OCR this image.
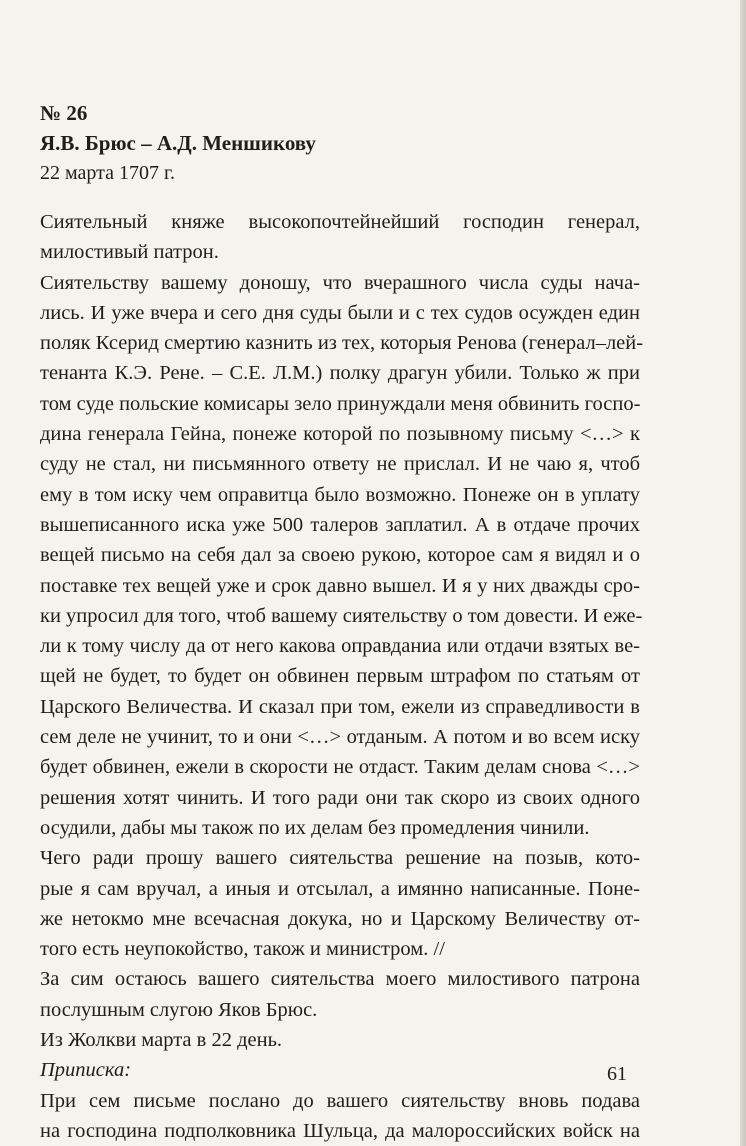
№ 26
Я.В. Брюс – А.Д. Меншикову
22 марта 1707 г.
Сиятельный княже высокопочтейнейший господин генерал,
милостивый патрон.
Сиятельству вашему доношу, что вчерашного числа суды нача-
лись. И уже вчера и сего дня суды были и с тех судов осужден един
поляк Ксерид смертию казнить из тех, которыя Ренова (генерал–лей-
тенанта К.Э. Рене. – С.Е. Л.М.) полку драгун убили. Только ж при
том суде польские комисары зело принуждали меня обвинить госпо-
дина генерала Гейна, понеже которой по позывному письму <…> к
суду не стал, ни письмянного ответу не прислал. И не чаю я, чтоб
ему в том иску чем оправитца было возможно. Понеже он в уплату
вышеписанного иска уже 500 талеров заплатил. А в отдаче прочих
вещей письмо на себя дал за своею рукою, которое сам я видял и о
поставке тех вещей уже и срок давно вышел. И я у них дважды сро-
ки упросил для того, чтоб вашему сиятельству о том довести. И еже-
ли к тому числу да от него какова оправданиа или отдачи взятых ве-
щей не будет, то будет он обвинен первым штрафом по статьям от
Царского Величества. И сказал при том, ежели из справедливости в
сем деле не учинит, то и они <…> отданым. А потом и во всем иску
будет обвинен, ежели в скорости не отдаст. Таким делам снова <…>
решения хотят чинить. И того ради они так скоро из своих одного
осудили, дабы мы також по их делам без промедления чинили.
Чего ради прошу вашего сиятельства решение на позыв, кото-
рые я сам вручал, а иныя и отсылал, а имянно написанные. Поне-
же нетокмо мне всечасная докука, но и Царскому Величеству от-
того есть неупокойство, також и министром. //
За сим остаюсь вашего сиятельства моего милостивого патрона
послушным слугою Яков Брюс.
Из Жолкви марта в 22 день.
Приписка:
При сем письме послано до вашего сиятельству вновь подава
на господина подполковника Шульца, да малороссийских войск на
61
